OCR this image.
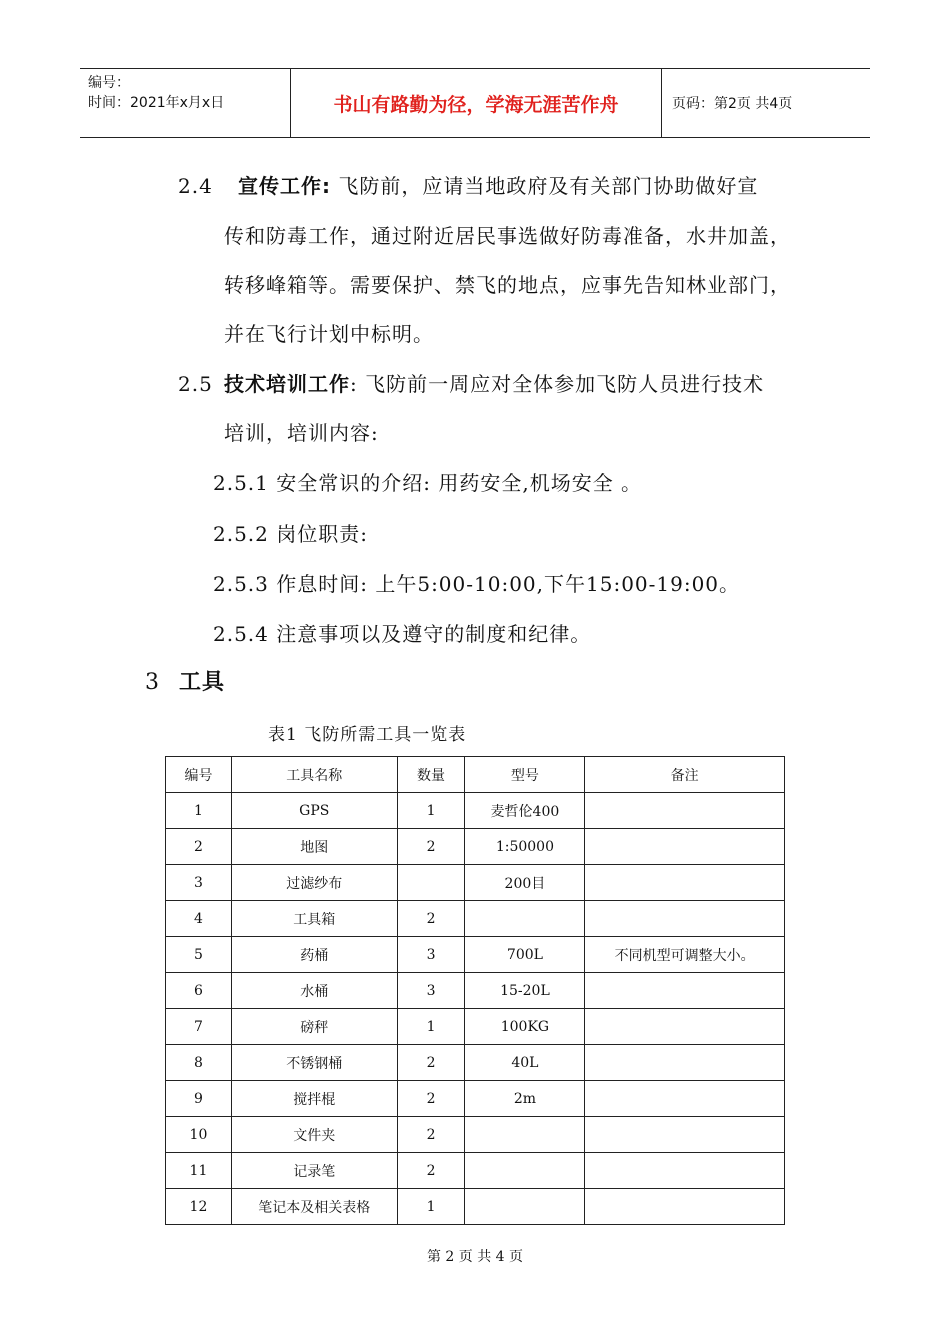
编号：
时间：2021年x月x日	书山有路勤为径，学海无涯苦作舟	页码：第2页 共4页
2.4 宣传工作: 飞防前，应请当地政府及有关部门协助做好宣
传和防毒工作，通过附近居民事选做好防毒准备，水井加盖，
转移峰箱等。需要保护、禁飞的地点，应事先告知林业部门，
并在飞行计划中标明。
2.5 技术培训工作: 飞防前一周应对全体参加飞防人员进行技术
培训，培训内容:
2.5.1 安全常识的介绍: 用药安全,机场安全 。
2.5.2 岗位职责:
2.5.3 作息时间: 上午5:00-10:00,下午15:00-19:00。
2.5.4 注意事项以及遵守的制度和纪律。
3 工具
表1 飞防所需工具一览表
编号	工具名称	数量	型号	备注
1	GPS	1	麦哲伦400	
2	地图	2	1:50000	
3	过滤纱布		200目	
4	工具箱	2		
5	药桶	3	700L	不同机型可调整大小。
6	水桶	3	15-20L	
7	磅秤	1	100KG	
8	不锈钢桶	2	40L	
9	搅拌棍	2	2m	
10	文件夹	2		
11	记录笔	2		
12	笔记本及相关表格	1		
第 2 页 共 4 页
